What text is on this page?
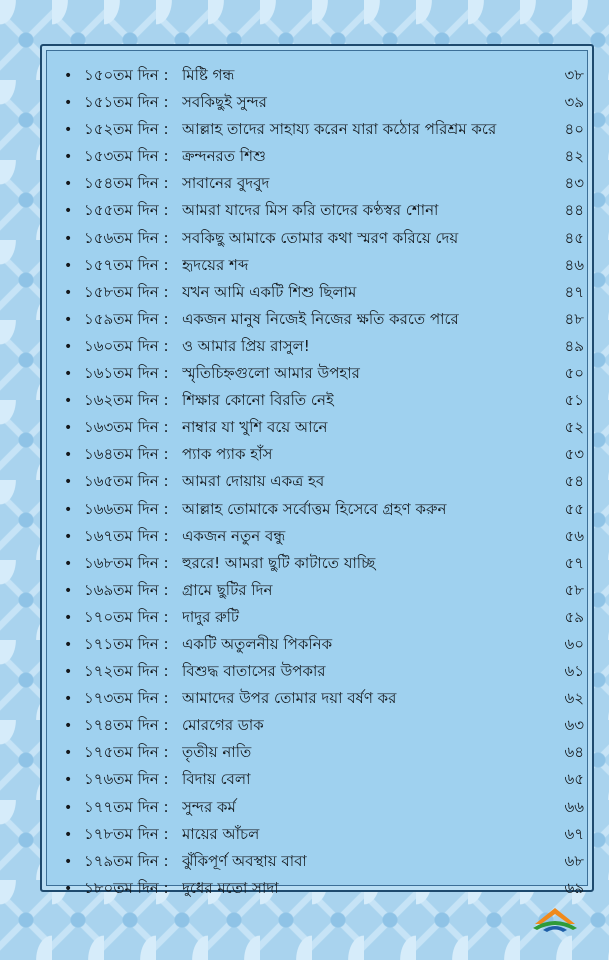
• ১৫০তম দিন : মিষ্টি গন্ধ	৩৮
• ১৫১তম দিন : সবকিছুই সুন্দর	৩৯
• ১৫২তম দিন : আল্লাহ তাদের সাহায্য করেন যারা কঠোর পরিশ্রম করে	৪০
• ১৫৩তম দিন : ক্রন্দনরত শিশু	৪২
• ১৫৪তম দিন : সাবানের বুদবুদ	৪৩
• ১৫৫তম দিন : আমরা যাদের মিস করি তাদের কণ্ঠস্বর শোনা	৪৪
• ১৫৬তম দিন : সবকিছু আমাকে তোমার কথা স্মরণ করিয়ে দেয়	৪৫
• ১৫৭তম দিন : হৃদয়ের শব্দ	৪৬
• ১৫৮তম দিন : যখন আমি একটি শিশু ছিলাম	৪৭
• ১৫৯তম দিন : একজন মানুষ নিজেই নিজের ক্ষতি করতে পারে	৪৮
• ১৬০তম দিন : ও আমার প্রিয় রাসুল!	৪৯
• ১৬১তম দিন : স্মৃতিচিহ্নগুলো আমার উপহার	৫০
• ১৬২তম দিন : শিক্ষার কোনো বিরতি নেই	৫১
• ১৬৩তম দিন : নাম্বার যা খুশি বয়ে আনে	৫২
• ১৬৪তম দিন : প্যাক প্যাক হাঁস	৫৩
• ১৬৫তম দিন : আমরা দোয়ায় একত্র হব	৫৪
• ১৬৬তম দিন : আল্লাহ তোমাকে সর্বোত্তম হিসেবে গ্রহণ করুন	৫৫
• ১৬৭তম দিন : একজন নতুন বন্ধু	৫৬
• ১৬৮তম দিন : হুররে! আমরা ছুটি কাটাতে যাচ্ছি	৫৭
• ১৬৯তম দিন : গ্রামে ছুটির দিন	৫৮
• ১৭০তম দিন : দাদুর রুটি	৫৯
• ১৭১তম দিন : একটি অতুলনীয় পিকনিক	৬০
• ১৭২তম দিন : বিশুদ্ধ বাতাসের উপকার	৬১
• ১৭৩তম দিন : আমাদের উপর তোমার দয়া বর্ষণ কর	৬২
• ১৭৪তম দিন : মোরগের ডাক	৬৩
• ১৭৫তম দিন : তৃতীয় নাতি	৬৪
• ১৭৬তম দিন : বিদায় বেলা	৬৫
• ১৭৭তম দিন : সুন্দর কর্ম	৬৬
• ১৭৮তম দিন : মায়ের আঁচল	৬৭
• ১৭৯তম দিন : ঝুঁকিপূর্ণ অবস্থায় বাবা	৬৮
• ১৮০তম দিন : দুধের মতো সাদা	৬৯
